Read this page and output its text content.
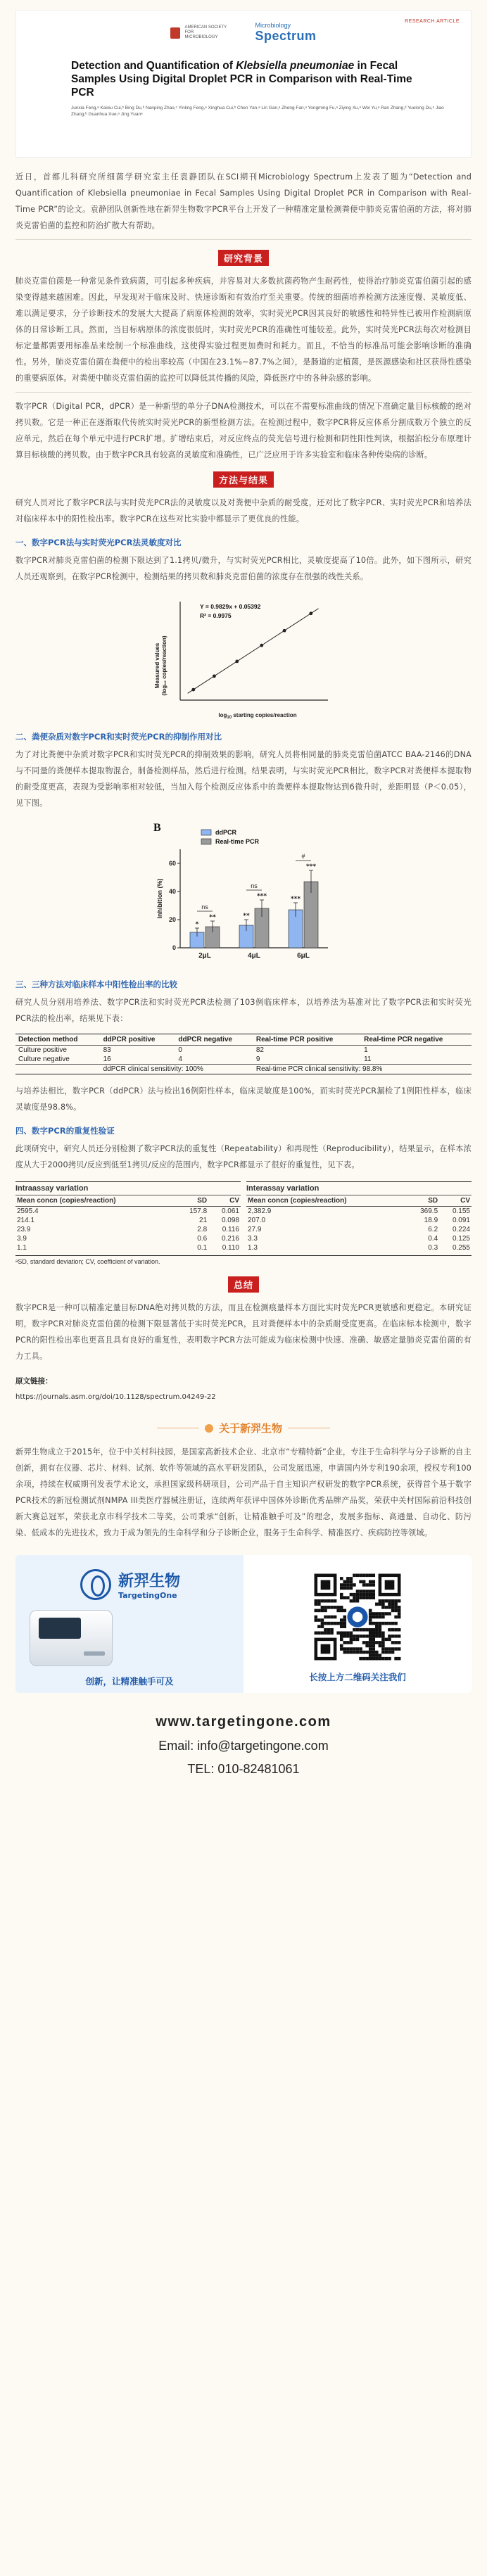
RESEARCH ARTICLE
AMERICAN SOCIETY FOR MICROBIOLOGY
Microbiology
Spectrum
Detection and Quantification of Klebsiella pneumoniae in Fecal Samples Using Digital Droplet PCR in Comparison with Real-Time PCR
Junxia Feng,ᵃ Kaixiu Cui,ᵇ Bing Du,ᵇ Nanping Zhao,ᶜ Yinling Feng,ᵃ Xinghua Cui,ᵇ Chen Yan,ᵃ Lin Gan,ᵃ Zheng Fan,ᵃ Yongming Fu,ᵃ Ziying Xu,ᵃ Wei Yu,ᵃ Ran Zhang,ᵈ Yuelong Du,ᵉ Jiao Zhang,ᵇ Guanhua Xue,ᵃ Jing Yuanᵃ

近日，首都儿科研究所细菌学研究室主任袁静团队在SCI期刊Microbiology Spectrum上发表了题为“Detection and Quantification of Klebsiella pneumoniae in Fecal Samples Using Digital Droplet PCR in Comparison with Real-Time PCR”的论文。袁静团队创新性地在新羿生物数字PCR平台上开发了一种精准定量检测粪便中肺炎克雷伯菌的方法，将对肺炎克雷伯菌的监控和防治扩散大有帮助。

研究背景

肺炎克雷伯菌是一种常见条件致病菌，可引起多种疾病，并容易对大多数抗菌药物产生耐药性，使得治疗肺炎克雷伯菌引起的感染变得越来越困难。因此，早发现对于临床及时、快速诊断和有效治疗至关重要。传统的细菌培养检测方法速度慢、灵敏度低、难以满足要求，分子诊断技术的发展大大提高了病原体检测的效率，实时荧光PCR因其良好的敏感性和特异性已被用作检测病原体的日常诊断工具。然而，当目标病原体的浓度很低时，实时荧光PCR的准确性可能较差。此外，实时荧光PCR法每次对检测目标定量都需要用标准品来绘制一个标准曲线，这使得实验过程更加费时和耗力。而且，不恰当的标准品可能会影响诊断的准确性。另外，肺炎克雷伯菌在粪便中的检出率较高（中国在23.1%~87.7%之间），是肠道的定植菌，是医源感染和社区获得性感染的重要病原体。对粪便中肺炎克雷伯菌的监控可以降低其传播的风险，降低医疗中的各种杂感的影响。

数字PCR（Digital PCR，dPCR）是一种新型的单分子DNA检测技术，可以在不需要标准曲线的情况下准确定量目标核酸的绝对拷贝数。它是一种正在逐渐取代传统实时荧光PCR的新型检测方法。在检测过程中，数字PCR将反应体系分割成数万个独立的反应单元，然后在每个单元中进行PCR扩增。扩增结束后，对反应终点的荧光信号进行检测和阴性阳性判读，根据泊松分布原理计算目标核酸的拷贝数。由于数字PCR具有较高的灵敏度和准确性，已广泛应用于许多实验室和临床各种传染病的诊断。

方法与结果

研究人员对比了数字PCR法与实时荧光PCR法的灵敏度以及对粪便中杂质的耐受度，还对比了数字PCR、实时荧光PCR和培养法对临床样本中的阳性检出率。数字PCR在这些对比实验中都显示了更优良的性能。

一、数字PCR法与实时荧光PCR法灵敏度对比

数字PCR对肺炎克雷伯菌的检测下限达到了1.1拷贝/微升，与实时荧光PCR相比，灵敏度提高了10倍。此外，如下图所示，研究人员还观察到，在数字PCR检测中，检测结果的拷贝数和肺炎克雷伯菌的浓度存在很强的线性关系。

Measured values (log₁₀ copies/reaction)
Y = 0.9829x + 0.05392
R² = 0.9975
$\log_{10}$ starting copies/reaction
二、粪便杂质对数字PCR和实时荧光PCR的抑制作用对比

为了对比粪便中杂质对数字PCR和实时荧光PCR的抑制效果的影响，研究人员将相同量的肺炎克雷伯菌ATCC BAA-2146的DNA与不同量的粪便样本提取物混合，制备检测样品，然后进行检测。结果表明，与实时荧光PCR相比，数字PCR对粪便样本提取物的耐受度更高，表现为受影响率相对较低，当加入每个检测反应体系中的粪便样本提取物达到6微升时，差距明显（P＜0.05），见下图。

B
Inhibition (%)
ddPCR
Real-time PCR
0
20
40
60
*
**
ns
2μL
**
***
ns
4μL
***
***
#
6μL
三、三种方法对临床样本中阳性检出率的比较

研究人员分别用培养法、数字PCR法和实时荧光PCR法检测了103例临床样本，以培养法为基准对比了数字PCR法和实时荧光PCR法的检出率，结果见下表：

Detection method	ddPCR positive	ddPCR negative	Real-time PCR positive	Real-time PCR negative
Culture positive	83	0	82	1
Culture negative	16	4	9	11
	ddPCR clinical sensitivity: 100%		Real-time PCR clinical sensitivity: 98.8%	

与培养法相比，数字PCR（ddPCR）法与检出16例阳性样本，临床灵敏度是100%，而实时荧光PCR漏检了1例阳性样本，临床灵敏度是98.8%。

四、数字PCR的重复性验证

此项研究中，研究人员还分别检测了数字PCR法的重复性（Repeatability）和再现性（Reproducibility），结果显示，在样本浓度从大于2000拷贝/反应到低至1拷贝/反应的范围内，数字PCR都显示了很好的重复性，见下表。

Intraassay variation
Mean concn (copies/reaction)	SD	CV
2595.4	157.8	0.061
214.1	21	0.098
23.9	2.8	0.116
3.9	0.6	0.216
1.1	0.1	0.110
Interassay variation
Mean concn (copies/reaction)	SD	CV
2,382.9	369.5	0.155
207.0	18.9	0.091
27.9	6.2	0.224
3.3	0.4	0.125
1.3	0.3	0.255
ᵃSD, standard deviation; CV, coefficient of variation.
总结

数字PCR是一种可以精准定量目标DNA绝对拷贝数的方法，而且在检测痕量样本方面比实时荧光PCR更敏感和更稳定。本研究证明，数字PCR对肺炎克雷伯菌的检测下限显著低于实时荧光PCR，且对粪便样本中的杂质耐受度更高。在临床标本检测中，数字PCR的阳性检出率也更高且具有良好的重复性，表明数字PCR方法可能成为临床检测中快速、准确、敏感定量肺炎克雷伯菌的有力工具。

原文链接：
https://journals.asm.org/doi/10.1128/spectrum.04249-22
关于新羿生物

新羿生物成立于2015年，位于中关村科技园，是国家高新技术企业、北京市“专精特新”企业，专注于生命科学与分子诊断的自主创新，拥有在仪器、芯片、材料、试剂、软件等领域的高水平研发团队，公司发展迅速，申请国内外专利190余项，授权专利100余项，持续在权威期刊发表学术论文，承担国家级科研项目，公司产品于自主知识产权研发的数字PCR系统，获得首个基于数字PCR技术的新冠检测试剂NMPA III类医疗器械注册证，连续两年获评中国体外诊断优秀品牌产品奖，荣获中关村国际前沿科技创新大赛总冠军，荣获北京市科学技术二等奖，公司秉承“创新，让精准触手可及”的理念，发展多指标、高通量、自动化、防污染、低成本的先进技术，致力于成为领先的生命科学和分子诊断企业，服务于生命科学、精准医疗、疾病防控等领域。

新羿生物
TargetingOne
创新，让精准触手可及	长按上方二维码关注我们
www.targetingone.com
Email: info@targetingone.com
TEL: 010-82481061
